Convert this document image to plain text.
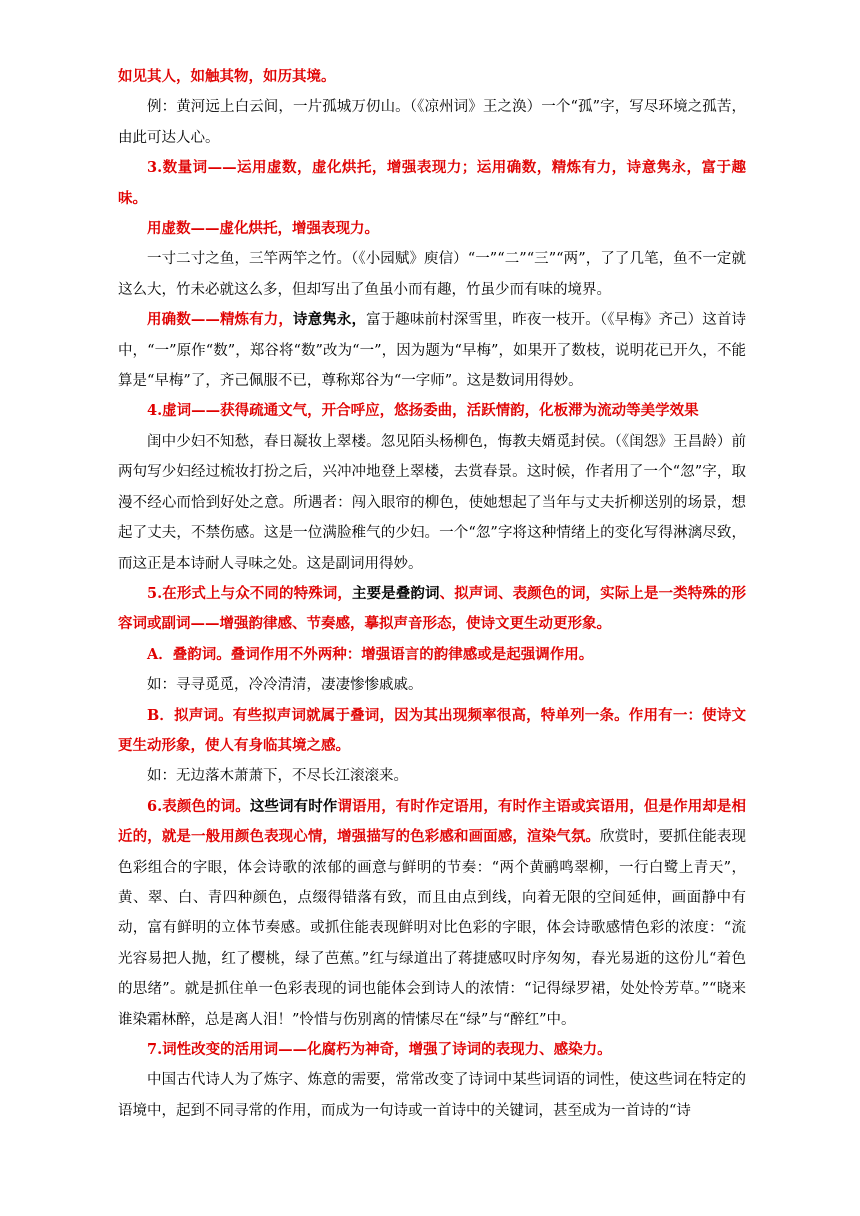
如见其人，如触其物，如历其境。

例：黄河远上白云间，一片孤城万仞山。（《凉州词》王之涣）一个“孤”字，写尽环境之孤苦，由此可达人心。

3.数量词——运用虚数，虚化烘托，增强表现力；运用确数，精炼有力，诗意隽永，富于趣味。

用虚数——虚化烘托，增强表现力。

一寸二寸之鱼，三竿两竿之竹。（《小园赋》庾信）“一”“二”“三”“两”，了了几笔，鱼不一定就这么大，竹未必就这么多，但却写出了鱼虽小而有趣，竹虽少而有味的境界。

用确数——精炼有力，诗意隽永，富于趣味前村深雪里，昨夜一枝开。（《早梅》齐己）这首诗中，“一”原作“数”，郑谷将“数”改为“一”，因为题为“早梅”，如果开了数枝，说明花已开久，不能算是“早梅”了，齐己佩服不已，尊称郑谷为“一字师”。这是数词用得妙。

4.虚词——获得疏通文气，开合呼应，悠扬委曲，活跃情韵，化板滞为流动等美学效果

闺中少妇不知愁，春日凝妆上翠楼。忽见陌头杨柳色，悔教夫婿觅封侯。（《闺怨》王昌龄）前两句写少妇经过梳妆打扮之后，兴冲冲地登上翠楼，去赏春景。这时候，作者用了一个“忽”字，取漫不经心而恰到好处之意。所遇者：闯入眼帘的柳色，使她想起了当年与丈夫折柳送别的场景，想起了丈夫，不禁伤感。这是一位满脸稚气的少妇。一个“忽”字将这种情绪上的变化写得淋漓尽致，而这正是本诗耐人寻味之处。这是副词用得妙。

5.在形式上与众不同的特殊词，主要是叠韵词、拟声词、表颜色的词，实际上是一类特殊的形容词或副词——增强韵律感、节奏感，摹拟声音形态，使诗文更生动更形象。

A．叠韵词。叠词作用不外两种：增强语言的韵律感或是起强调作用。

如：寻寻觅觅，冷冷清清，凄凄惨惨戚戚。

B．拟声词。有些拟声词就属于叠词，因为其出现频率很高，特单列一条。作用有一：使诗文更生动形象，使人有身临其境之感。

如：无边落木萧萧下，不尽长江滚滚来。

6.表颜色的词。这些词有时作谓语用，有时作定语用，有时作主语或宾语用，但是作用却是相近的，就是一般用颜色表现心情，增强描写的色彩感和画面感，渲染气氛。欣赏时，要抓住能表现色彩组合的字眼，体会诗歌的浓郁的画意与鲜明的节奏：“两个黄鹂鸣翠柳，一行白鹭上青天”，黄、翠、白、青四种颜色，点缀得错落有致，而且由点到线，向着无限的空间延伸，画面静中有动，富有鲜明的立体节奏感。或抓住能表现鲜明对比色彩的字眼，体会诗歌感情色彩的浓度：“流光容易把人抛，红了樱桃，绿了芭蕉。”红与绿道出了蒋捷感叹时序匆匆，春光易逝的这份儿“着色的思绪”。就是抓住单一色彩表现的词也能体会到诗人的浓情：“记得绿罗裙，处处怜芳草。”“晓来谁染霜林醉，总是离人泪！”怜惜与伤别离的情愫尽在“绿”与“醉红”中。

7.词性改变的活用词——化腐朽为神奇，增强了诗词的表现力、感染力。

中国古代诗人为了炼字、炼意的需要，常常改变了诗词中某些词语的词性，使这些词在特定的语境中，起到不同寻常的作用，而成为一句诗或一首诗中的关键词，甚至成为一首诗的“诗
